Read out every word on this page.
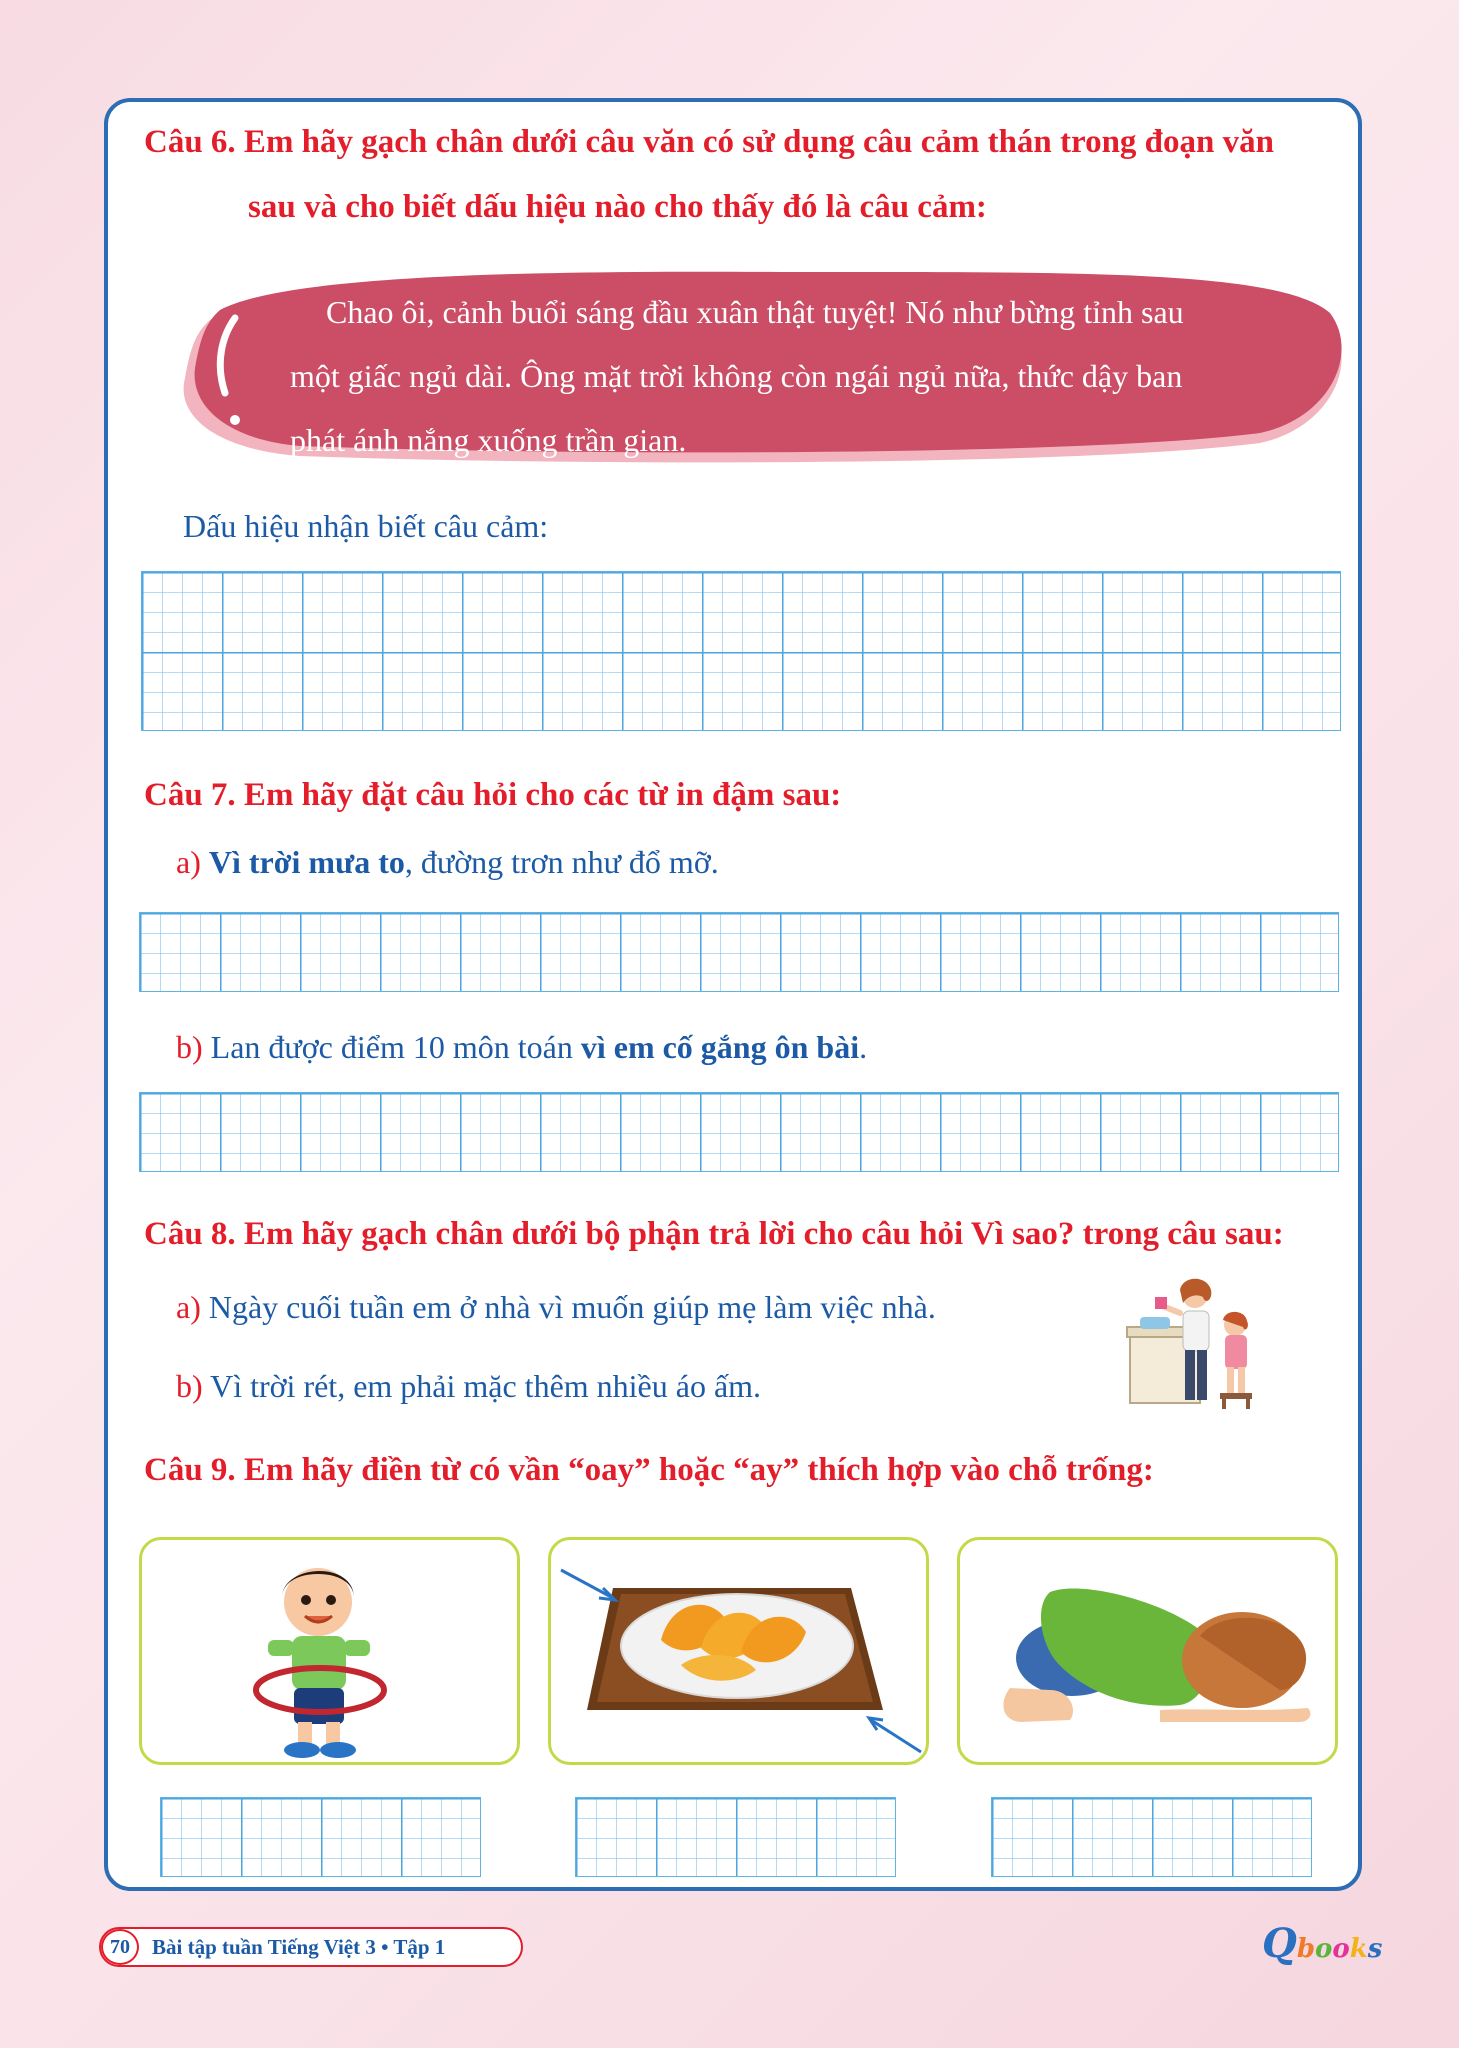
Câu 6. Em hãy gạch chân dưới câu văn có sử dụng câu cảm thán trong đoạn văn
sau và cho biết dấu hiệu nào cho thấy đó là câu cảm:
Chao ôi, cảnh buổi sáng đầu xuân thật tuyệt! Nó như bừng tỉnh sau
một giấc ngủ dài. Ông mặt trời không còn ngái ngủ nữa, thức dậy ban
phát ánh nắng xuống trần gian.
Dấu hiệu nhận biết câu cảm:
Câu 7. Em hãy đặt câu hỏi cho các từ in đậm sau:
a) Vì trời mưa to, đường trơn như đổ mỡ.
b) Lan được điểm 10 môn toán vì em cố gắng ôn bài.
Câu 8. Em hãy gạch chân dưới bộ phận trả lời cho câu hỏi Vì sao? trong câu sau:
a) Ngày cuối tuần em ở nhà vì muốn giúp mẹ làm việc nhà.
b) Vì trời rét, em phải mặc thêm nhiều áo ấm.
Câu 9. Em hãy điền từ có vần “oay” hoặc “ay” thích hợp vào chỗ trống:
70	Bài tập tuần Tiếng Việt 3 • Tập 1	Qbooks
